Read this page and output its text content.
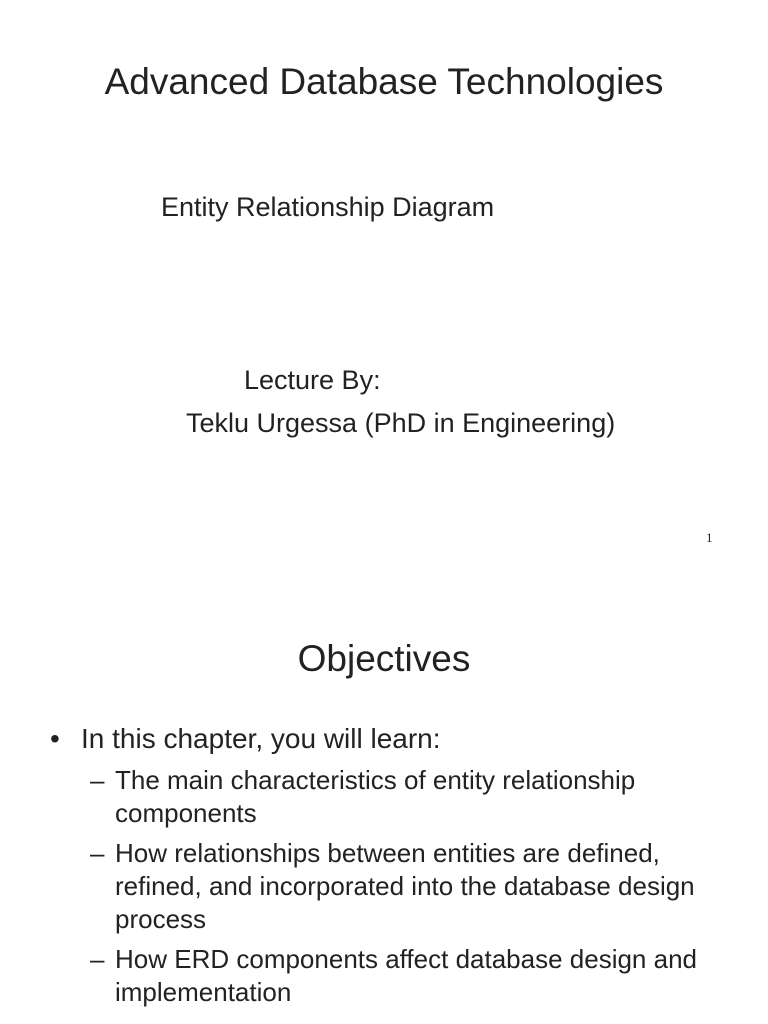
Advanced Database Technologies
Entity Relationship Diagram
Lecture By:
Teklu Urgessa (PhD in Engineering)
1
Objectives
• In this chapter, you will learn:
– The main characteristics of entity relationship components
– How relationships between entities are defined, refined, and incorporated into the database design process
– How ERD components affect database design and implementation
